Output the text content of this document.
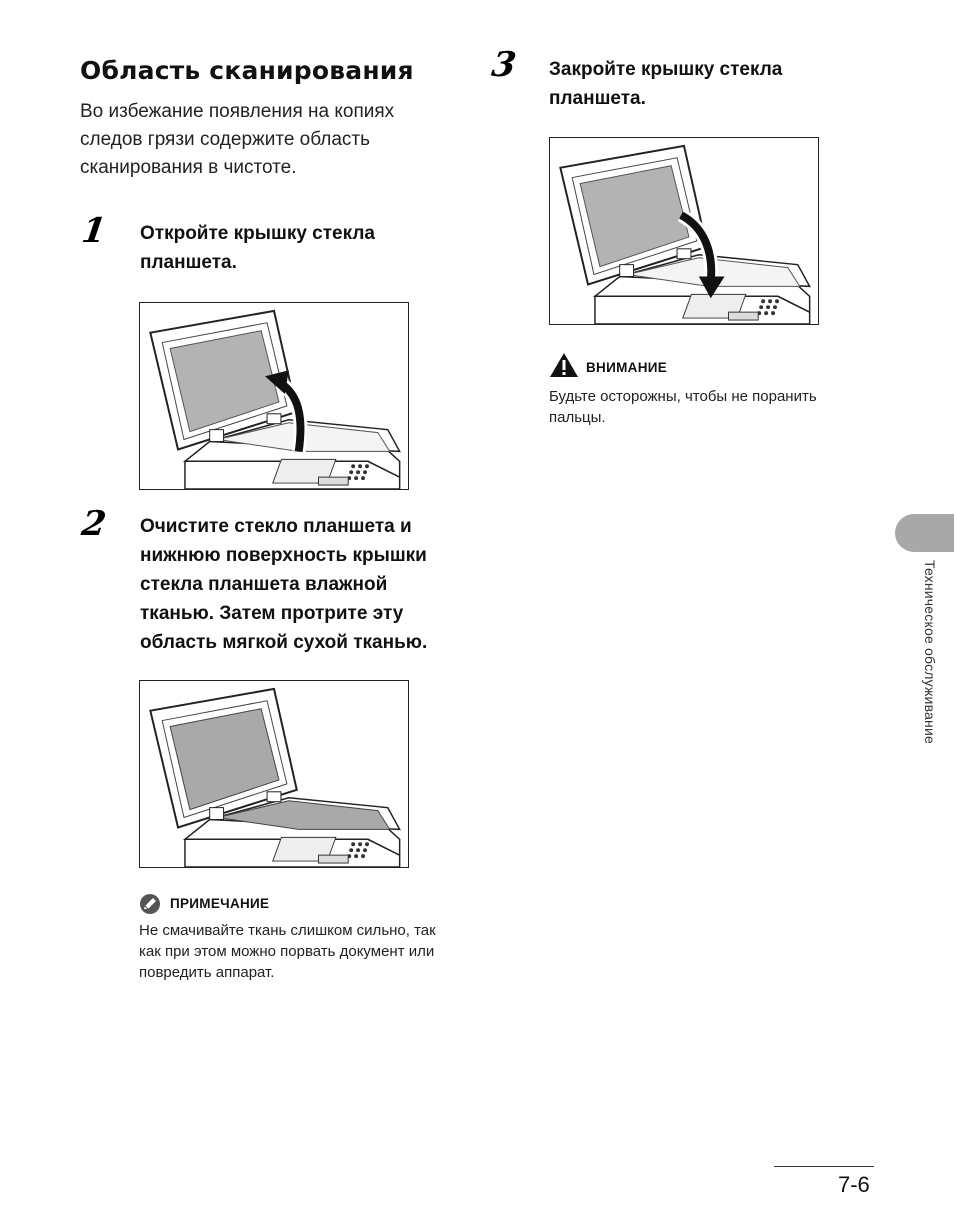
Область сканирования
Во избежание появления на копиях следов грязи содержите область сканирования в чистоте.
1 Откройте крышку стекла планшета.
2 Очистите стекло планшета и нижнюю поверхность крышки стекла планшета влажной тканью. Затем протрите эту область мягкой сухой тканью.
ПРИМЕЧАНИЕ
Не смачивайте ткань слишком сильно, так как при этом можно порвать документ или повредить аппарат.
3 Закройте крышку стекла планшета.
ВНИМАНИЕ
Будьте осторожны, чтобы не поранить пальцы.
Техническое обслуживание
7-6
